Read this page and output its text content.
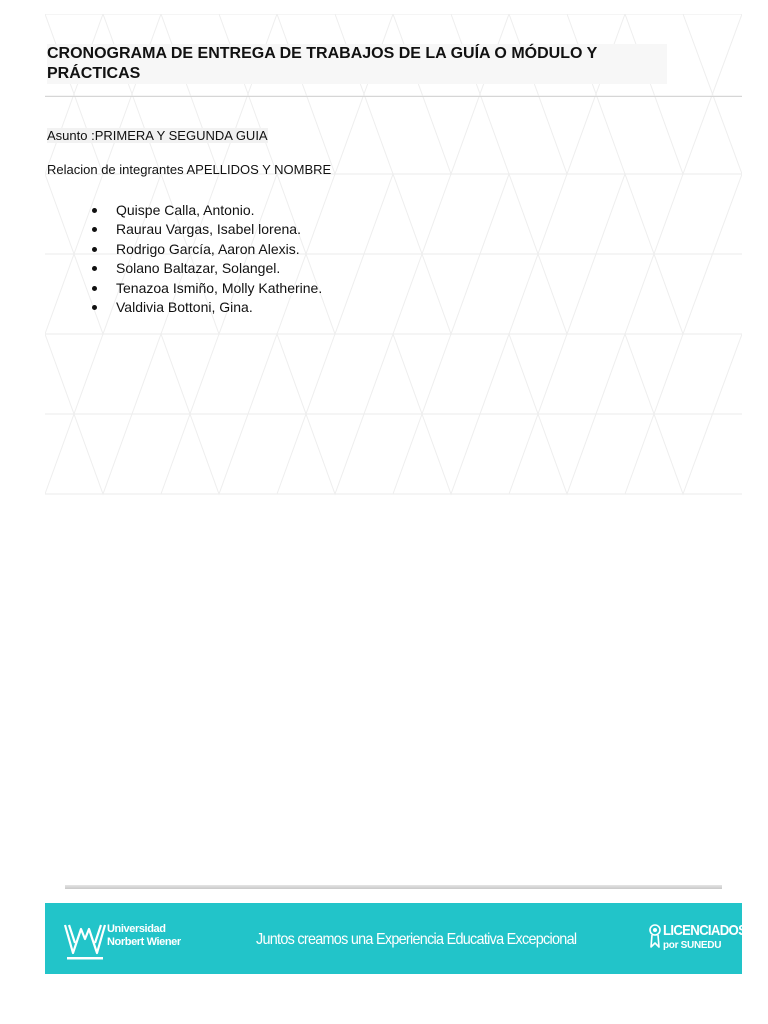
CRONOGRAMA DE ENTREGA DE TRABAJOS DE LA GUÍA O MÓDULO Y PRÁCTICAS

Asunto :PRIMERA Y SEGUNDA GUIA

Relacion de integrantes APELLIDOS Y NOMBRE

Quispe Calla, Antonio.
Raurau Vargas, Isabel lorena.
Rodrigo García, Aaron Alexis.
Solano Baltazar, Solangel.
Tenazoa Ismiño, Molly Katherine.
Valdivia Bottoni, Gina.
Universidad
Norbert Wiener	Juntos creamos una Experiencia Educativa Excepcional
LICENCIADOS
por SUNEDU
